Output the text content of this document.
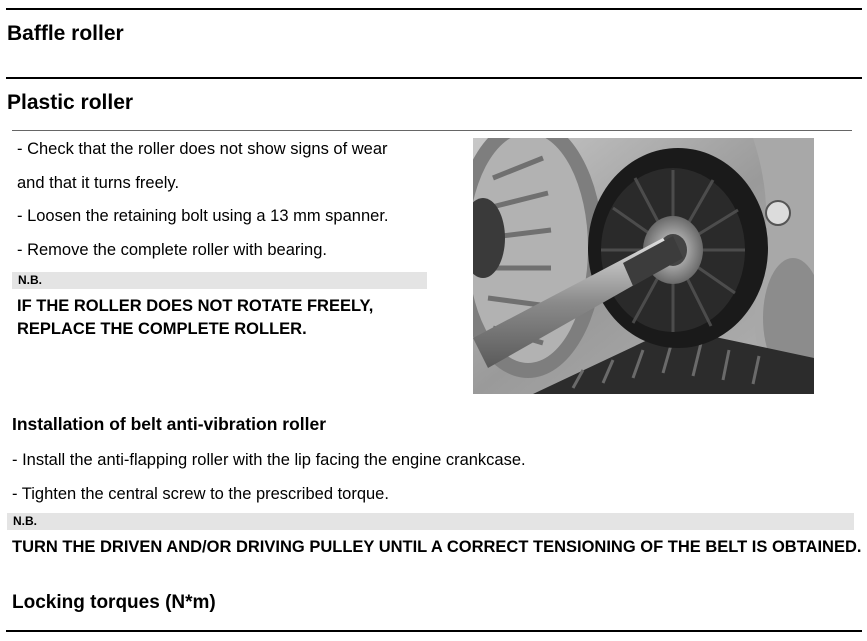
Baffle roller
Plastic roller

- Check that the roller does not show signs of wear

and that it turns freely.

- Loosen the retaining bolt using a 13 mm spanner.

- Remove the complete roller with bearing.

N.B.

IF THE ROLLER DOES NOT ROTATE FREELY,

REPLACE THE COMPLETE ROLLER.

Installation of belt anti-vibration roller

- Install the anti-flapping roller with the lip facing the engine crankcase.

- Tighten the central screw to the prescribed torque.

N.B.

TURN THE DRIVEN AND/OR DRIVING PULLEY UNTIL A CORRECT TENSIONING OF THE BELT IS OBTAINED.

Locking torques (N*m)
